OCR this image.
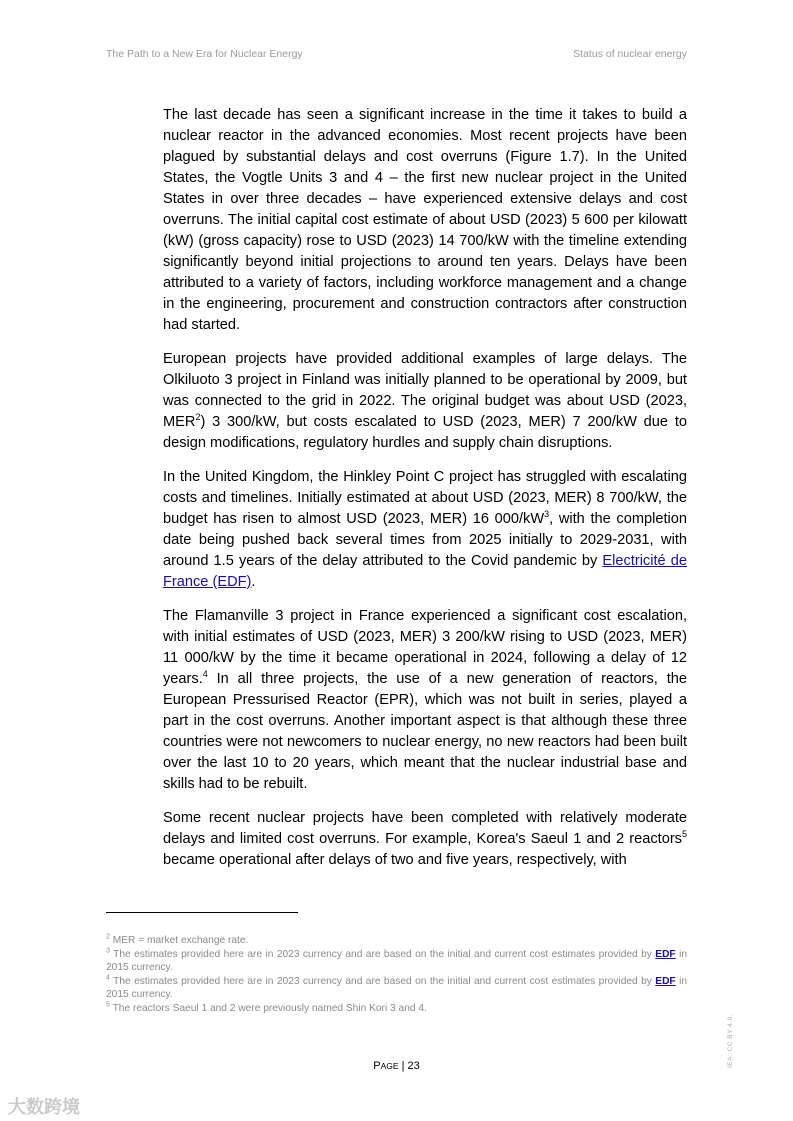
The Path to a New Era for Nuclear Energy	Status of nuclear energy

The last decade has seen a significant increase in the time it takes to build a nuclear reactor in the advanced economies. Most recent projects have been plagued by substantial delays and cost overruns (Figure 1.7). In the United States, the Vogtle Units 3 and 4 – the first new nuclear project in the United States in over three decades – have experienced extensive delays and cost overruns. The initial capital cost estimate of about USD (2023) 5 600 per kilowatt (kW) (gross capacity) rose to USD (2023) 14 700/kW with the timeline extending significantly beyond initial projections to around ten years. Delays have been attributed to a variety of factors, including workforce management and a change in the engineering, procurement and construction contractors after construction had started.

European projects have provided additional examples of large delays. The Olkiluoto 3 project in Finland was initially planned to be operational by 2009, but was connected to the grid in 2022. The original budget was about USD (2023, MER$^2$) 3 300/kW, but costs escalated to USD (2023, MER) 7 200/kW due to design modifications, regulatory hurdles and supply chain disruptions.

In the United Kingdom, the Hinkley Point C project has struggled with escalating costs and timelines. Initially estimated at about USD (2023, MER) 8 700/kW, the budget has risen to almost USD (2023, MER) 16 $000/kW^3$, with the completion date being pushed back several times from 2025 initially to 2029-2031, with around 1.5 years of the delay attributed to the Covid pandemic by Electricité de France (EDF).

The Flamanville 3 project in France experienced a significant cost escalation, with initial estimates of USD (2023, MER) 3 200/kW rising to USD (2023, MER) 11 000/kW by the time it became operational in 2024, following a delay of 12 years.$^4$ In all three projects, the use of a new generation of reactors, the European Pressurised Reactor (EPR), which was not built in series, played a part in the cost overruns. Another important aspect is that although these three countries were not newcomers to nuclear energy, no new reactors had been built over the last 10 to 20 years, which meant that the nuclear industrial base and skills had to be rebuilt.

Some recent nuclear projects have been completed with relatively moderate delays and limited cost overruns. For example, Korea's Saeul 1 and 2 reactors$^5$ became operational after delays of two and five years, respectively, with

$^2$ MER = market exchange rate.
$^3$ The estimates provided here are in 2023 currency and are based on the initial and current cost estimates provided by EDF in 2015 currency.
$^4$ The estimates provided here are in 2023 currency and are based on the initial and current cost estimates provided by EDF in 2015 currency.
$^5$ The reactors Saeul 1 and 2 were previously named Shin Kori 3 and 4.
PAGE | 23	IEA. CC BY 4.0.
大数跨境
